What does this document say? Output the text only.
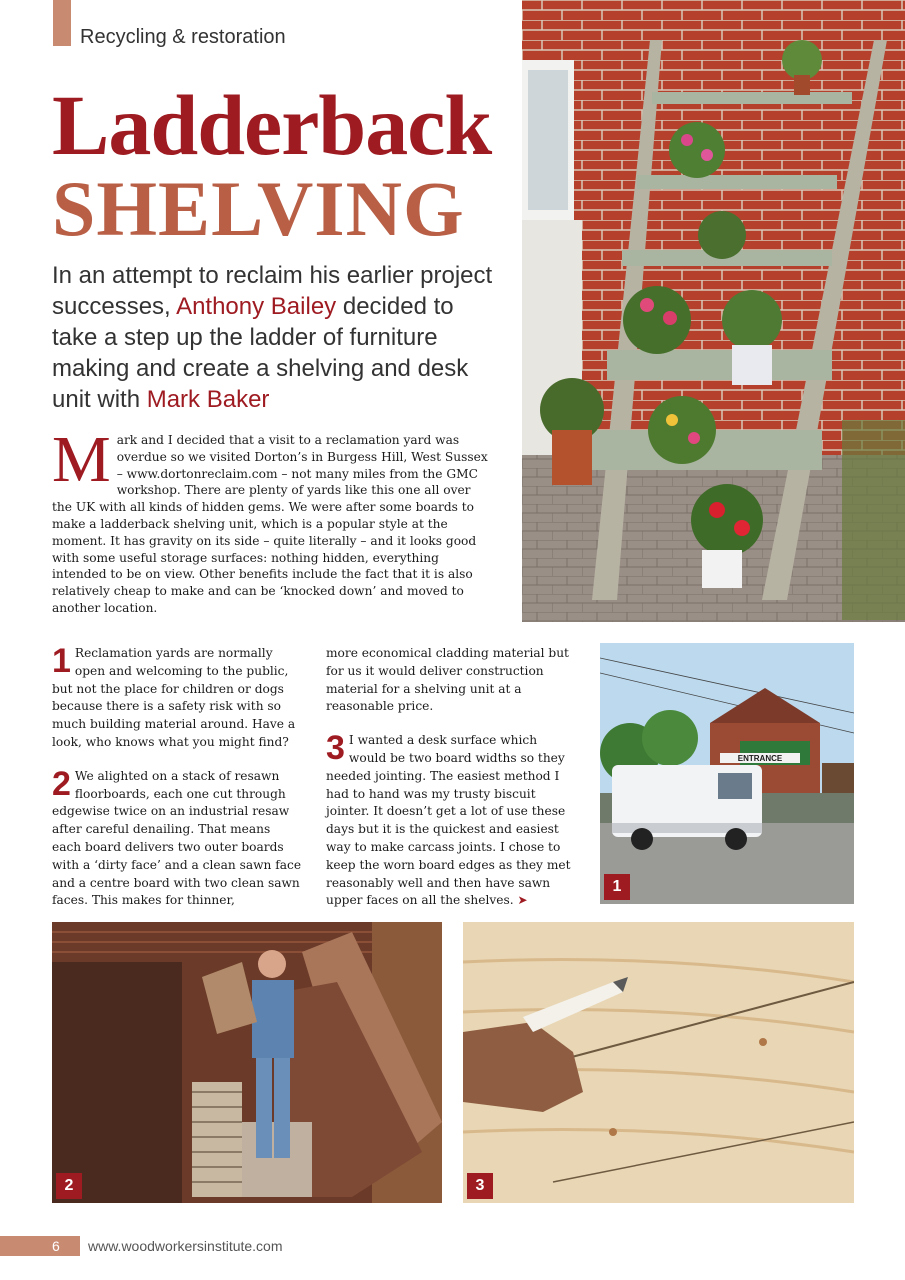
Recycling & restoration
Ladderback
SHELVING

In an attempt to reclaim his earlier project successes, Anthony Bailey decided to take a step up the ladder of furniture making and create a shelving and desk unit with Mark Baker

M ark and I decided that a visit to a reclamation yard was overdue so we visited Dorton’s in Burgess Hill, West Sussex – www.dortonreclaim.com – not many miles from the GMC workshop. There are plenty of yards like this one all over the UK with all kinds of hidden gems. We were after some boards to make a ladderback shelving unit, which is a popular style at the moment. It has gravity on its side – quite literally – and it looks good with some useful storage surfaces: nothing hidden, everything intended to be on view. Other benefits include the fact that it is also relatively cheap to make and can be ‘knocked down’ and moved to another location.

1 Reclamation yards are normally open and welcoming to the public, but not the place for children or dogs because there is a safety risk with so much building material around. Have a look, who knows what you might find?

2 We alighted on a stack of resawn floorboards, each one cut through edgewise twice on an industrial resaw after careful denailing. That means each board delivers two outer boards with a ‘dirty face’ and a clean sawn face and a centre board with two clean sawn faces. This makes for thinner,

more economical cladding material but for us it would deliver construction material for a shelving unit at a reasonable price.

3 I wanted a desk surface which would be two board widths so they needed jointing. The easiest method I had to hand was my trusty biscuit jointer. It doesn’t get a lot of use these days but it is the quickest and easiest way to make carcass joints. I chose to keep the worn board edges as they met reasonably well and then have sawn upper faces on all the shelves. ➤

ENTRANCE
1
2	3
6 www.woodworkersinstitute.com
